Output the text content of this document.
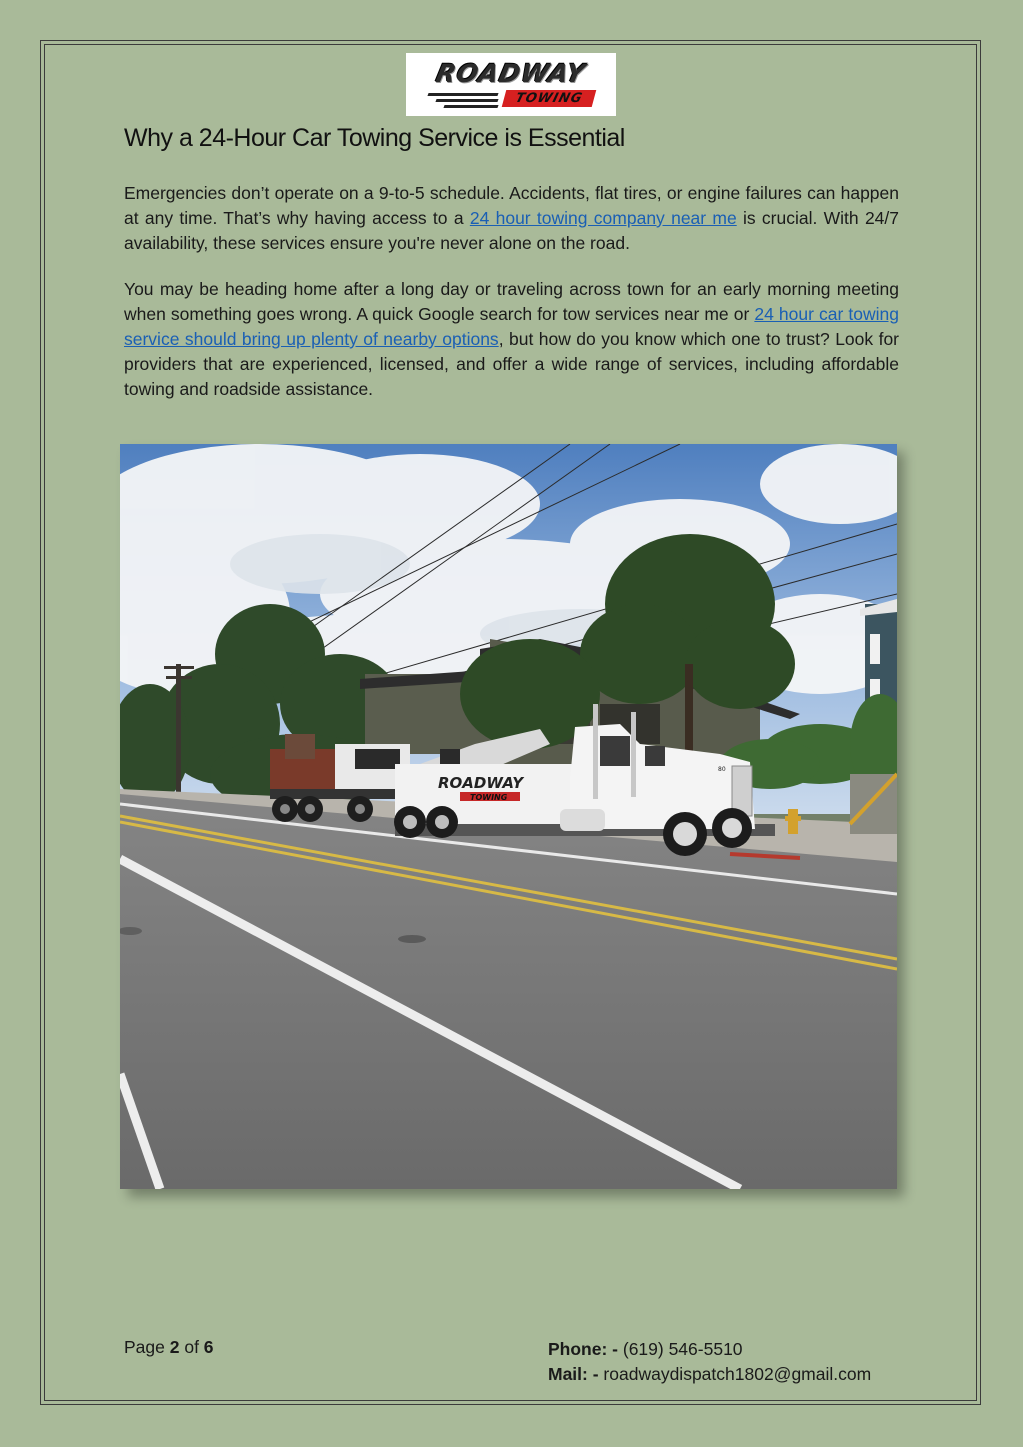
ROADWAY
TOWING
Why a 24-Hour Car Towing Service is Essential

Emergencies don’t operate on a 9-to-5 schedule. Accidents, flat tires, or engine failures can happen at any time. That’s why having access to a 24 hour towing company near me is crucial. With 24/7 availability, these services ensure you're never alone on the road.

You may be heading home after a long day or traveling across town for an early morning meeting when something goes wrong. A quick Google search for tow services near me or 24 hour car towing service should bring up plenty of nearby options, but how do you know which one to trust? Look for providers that are experienced, licensed, and offer a wide range of services, including affordable towing and roadside assistance.

ROADWAY
TOWING
80
Page 2 of 6	Phone: - (619) 546-5510
Mail: - roadwaydispatch1802@gmail.com
